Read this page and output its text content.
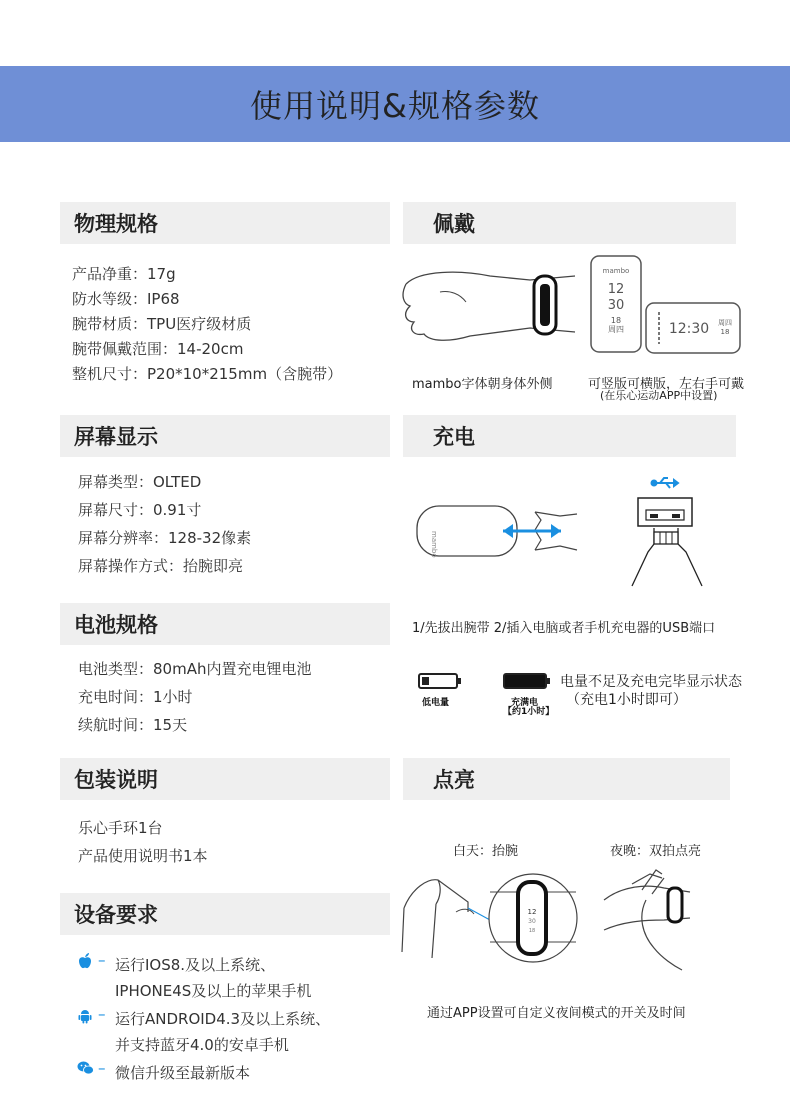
使用说明&规格参数
物理规格
产品净重：17g
防水等级：IP68
腕带材质：TPU医疗级材质
腕带佩戴范围：14-20cm
整机尺寸：P20*10*215mm（含腕带）
佩戴
mambo
12
30
18
周四	12:30 周四
18
mambo字体朝身体外侧	可竖版可横版，左右手可戴
(在乐心运动APP中设置)
屏幕显示
屏幕类型：OLTED
屏幕尺寸：0.91寸
屏幕分辨率：128-32像素
屏幕操作方式：抬腕即亮
充电
mambo
1/先拔出腕带 2/插入电脑或者手机充电器的USB端口
低电量	充满电
【约1小时】
电量不足及充电完毕显示状态
（充电1小时即可）
电池规格
电池类型：80mAh内置充电锂电池
充电时间：1小时
续航时间：15天
包装说明
乐心手环1台
产品使用说明书1本
点亮
白天：抬腕	夜晚：双拍点亮
12
30
18
通过APP设置可自定义夜间模式的开关及时间
设备要求
– 运行IOS8.及以上系统、
IPHONE4S及以上的苹果手机
– 运行ANDROID4.3及以上系统、
并支持蓝牙4.0的安卓手机
– 微信升级至最新版本
